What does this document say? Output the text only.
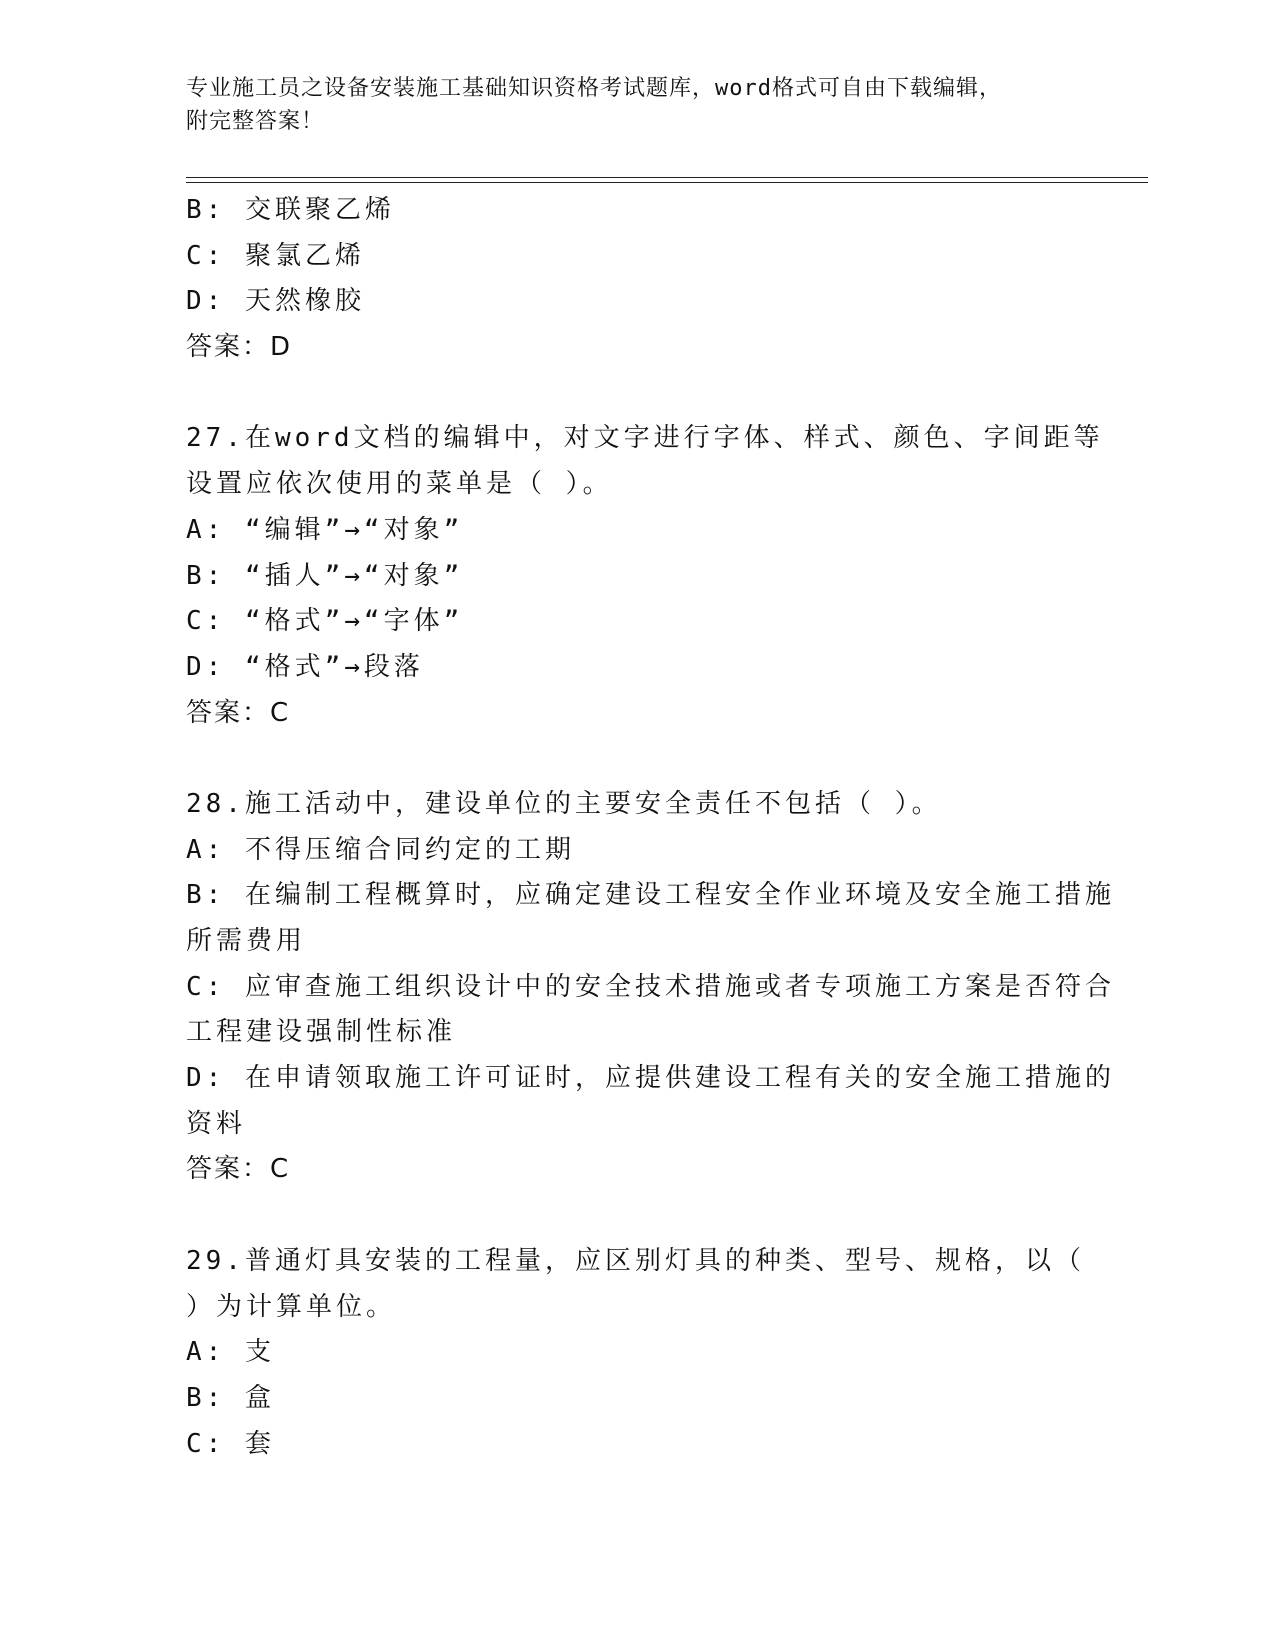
专业施工员之设备安装施工基础知识资格考试题库，word格式可自由下载编辑，
附完整答案！
B: 交联聚乙烯
C: 聚氯乙烯
D: 天然橡胶
答案：D
27.在word文档的编辑中，对文字进行字体、样式、颜色、字间距等
设置应依次使用的菜单是（ ）。
A: “编辑”→“对象”
B: “插人”→“对象”
C: “格式”→“字体”
D: “格式”→段落
答案：C
28.施工活动中，建设单位的主要安全责任不包括（ ）。
A: 不得压缩合同约定的工期
B: 在编制工程概算时，应确定建设工程安全作业环境及安全施工措施
所需费用
C: 应审查施工组织设计中的安全技术措施或者专项施工方案是否符合
工程建设强制性标准
D: 在申请领取施工许可证时，应提供建设工程有关的安全施工措施的
资料
答案：C
29.普通灯具安装的工程量，应区别灯具的种类、型号、规格，以（
）为计算单位。
A: 支
B: 盒
C: 套
